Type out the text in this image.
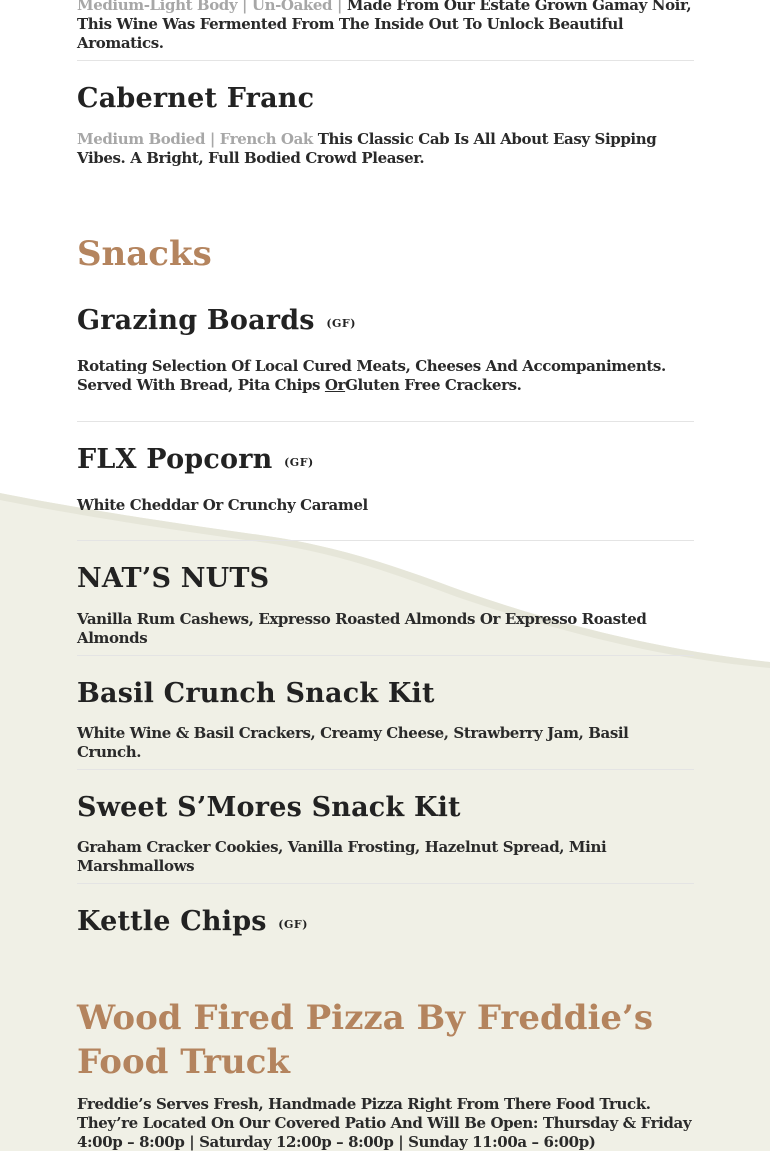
Medium-Light Body | Un-Oaked | Made From Our Estate Grown Gamay Noir, This Wine Was Fermented From The Inside Out To Unlock Beautiful Aromatics.

Cabernet Franc

Medium Bodied | French Oak This Classic Cab Is All About Easy Sipping Vibes. A Bright, Full Bodied Crowd Pleaser.

Snacks
Grazing Boards (GF)

Rotating Selection Of Local Cured Meats, Cheeses And Accompaniments. Served With Bread, Pita Chips OrGluten Free Crackers.

FLX Popcorn (GF)

White Cheddar Or Crunchy Caramel

NAT’S NUTS

Vanilla Rum Cashews, Expresso Roasted Almonds Or Expresso Roasted Almonds

Basil Crunch Snack Kit

White Wine & Basil Crackers, Creamy Cheese, Strawberry Jam, Basil Crunch.

Sweet S’Mores Snack Kit

Graham Cracker Cookies, Vanilla Frosting, Hazelnut Spread, Mini Marshmallows

Kettle Chips (GF)
Wood Fired Pizza By Freddie’s Food Truck

Freddie’s Serves Fresh, Handmade Pizza Right From There Food Truck. They’re Located On Our Covered Patio And Will Be Open: Thursday & Friday 4:00p – 8:00p | Saturday 12:00p – 8:00p | Sunday 11:00a – 6:00p)
